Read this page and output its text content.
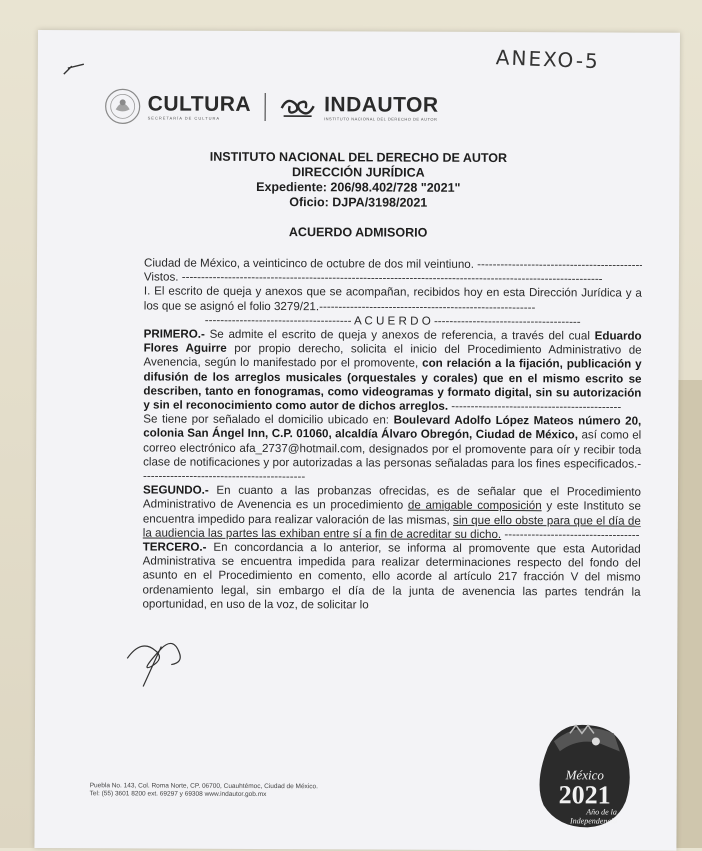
ANEXO-5
CULTURA
SECRETARÍA DE CULTURA
INDAUTOR
INSTITUTO NACIONAL DEL DERECHO DE AUTOR
INSTITUTO NACIONAL DEL DERECHO DE AUTOR
DIRECCIÓN JURÍDICA
Expediente: 206/98.402/728 "2021"
Oficio: DJPA/3198/2021
ACUERDO ADMISORIO

Ciudad de México, a veinticinco de octubre de dos mil veintiuno. -----

Vistos. -----

I. El escrito de queja y anexos que se acompañan, recibidos hoy en esta Dirección Jurídica y a los que se asignó el folio 3279/21.--------------------------------------------------------

-------------------------------------- A C U E R D O --------------------------------------

PRIMERO.- Se admite el escrito de queja y anexos de referencia, a través del cual Eduardo Flores Aguirre por propio derecho, solicita el inicio del Procedimiento Administrativo de Avenencia, según lo manifestado por el promovente, con relación a la fijación, publicación y difusión de los arreglos musicales (orquestales y corales) que en el mismo escrito se describen, tanto en fonogramas, como videogramas y formato digital, sin su autorización y sin el reconocimiento como autor de dichos arreglos. --------------------------------------------

Se tiene por señalado el domicilio ubicado en: Boulevard Adolfo López Mateos número 20, colonia San Ángel Inn, C.P. 01060, alcaldía Álvaro Obregón, Ciudad de México, así como el correo electrónico afa_2737@hotmail.com, designados por el promovente para oír y recibir toda clase de notificaciones y por autorizadas a las personas señaladas para los fines especificados.-------------------------------------------

SEGUNDO.- En cuanto a las probanzas ofrecidas, es de señalar que el Procedimiento Administrativo de Avenencia es un procedimiento de amigable composición y este Instituto se encuentra impedido para realizar valoración de las mismas, sin que ello obste para que el día de la audiencia las partes las exhiban entre sí a fin de acreditar su dicho. -----------------------------------

TERCERO.- En concordancia a lo anterior, se informa al promovente que esta Autoridad Administrativa se encuentra impedida para realizar determinaciones respecto del fondo del asunto en el Procedimiento en comento, ello acorde al artículo 217 fracción V del mismo ordenamiento legal, sin embargo el día de la junta de avenencia las partes tendrán la oportunidad, en uso de la voz, de solicitar lo

Puebla No. 143, Col. Roma Norte, CP. 06700, Cuauhtémoc, Ciudad de México.
Tel: (55) 3601 8200 ext. 69297 y 69308 www.indautor.gob.mx
México
2021
Año de la
Independencia
